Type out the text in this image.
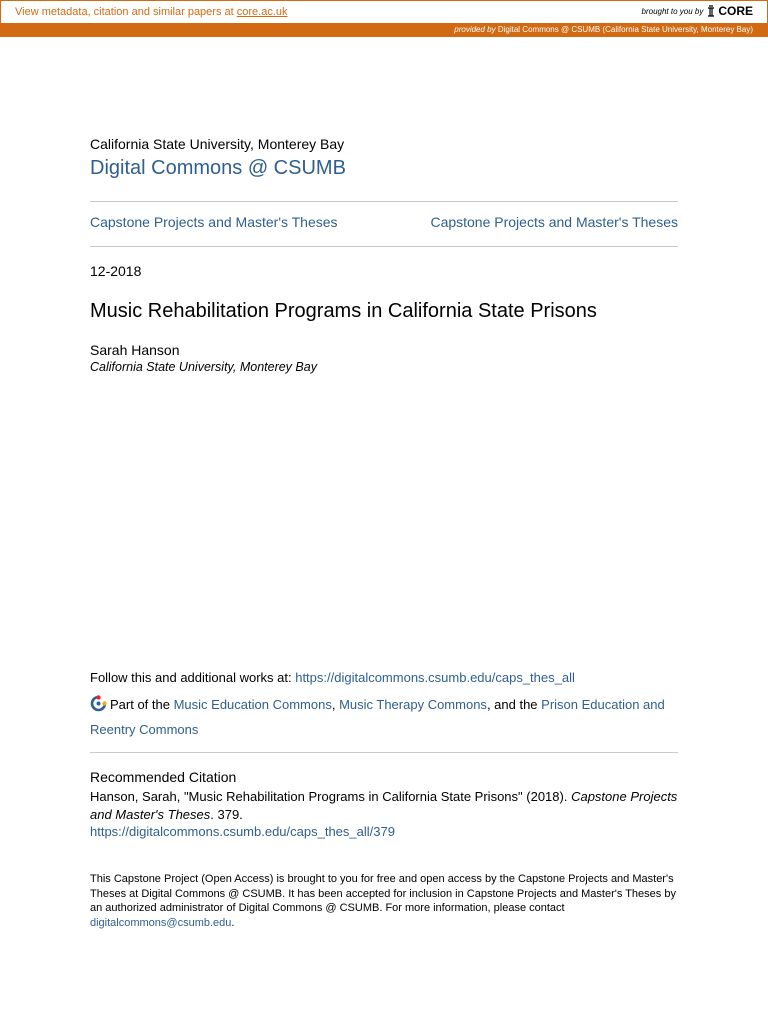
View metadata, citation and similar papers at core.ac.uk	brought to you by CORE
provided by Digital Commons @ CSUMB (California State University, Monterey Bay)
California State University, Monterey Bay
Digital Commons @ CSUMB
Capstone Projects and Master's Theses	Capstone Projects and Master's Theses
12-2018
Music Rehabilitation Programs in California State Prisons
Sarah Hanson
California State University, Monterey Bay
Follow this and additional works at: https://digitalcommons.csumb.edu/caps_thes_all
Part of the Music Education Commons, Music Therapy Commons, and the Prison Education and Reentry Commons
Recommended Citation
Hanson, Sarah, "Music Rehabilitation Programs in California State Prisons" (2018). Capstone Projects and Master's Theses. 379.
https://digitalcommons.csumb.edu/caps_thes_all/379
This Capstone Project (Open Access) is brought to you for free and open access by the Capstone Projects and Master's Theses at Digital Commons @ CSUMB. It has been accepted for inclusion in Capstone Projects and Master's Theses by an authorized administrator of Digital Commons @ CSUMB. For more information, please contact digitalcommons@csumb.edu.
